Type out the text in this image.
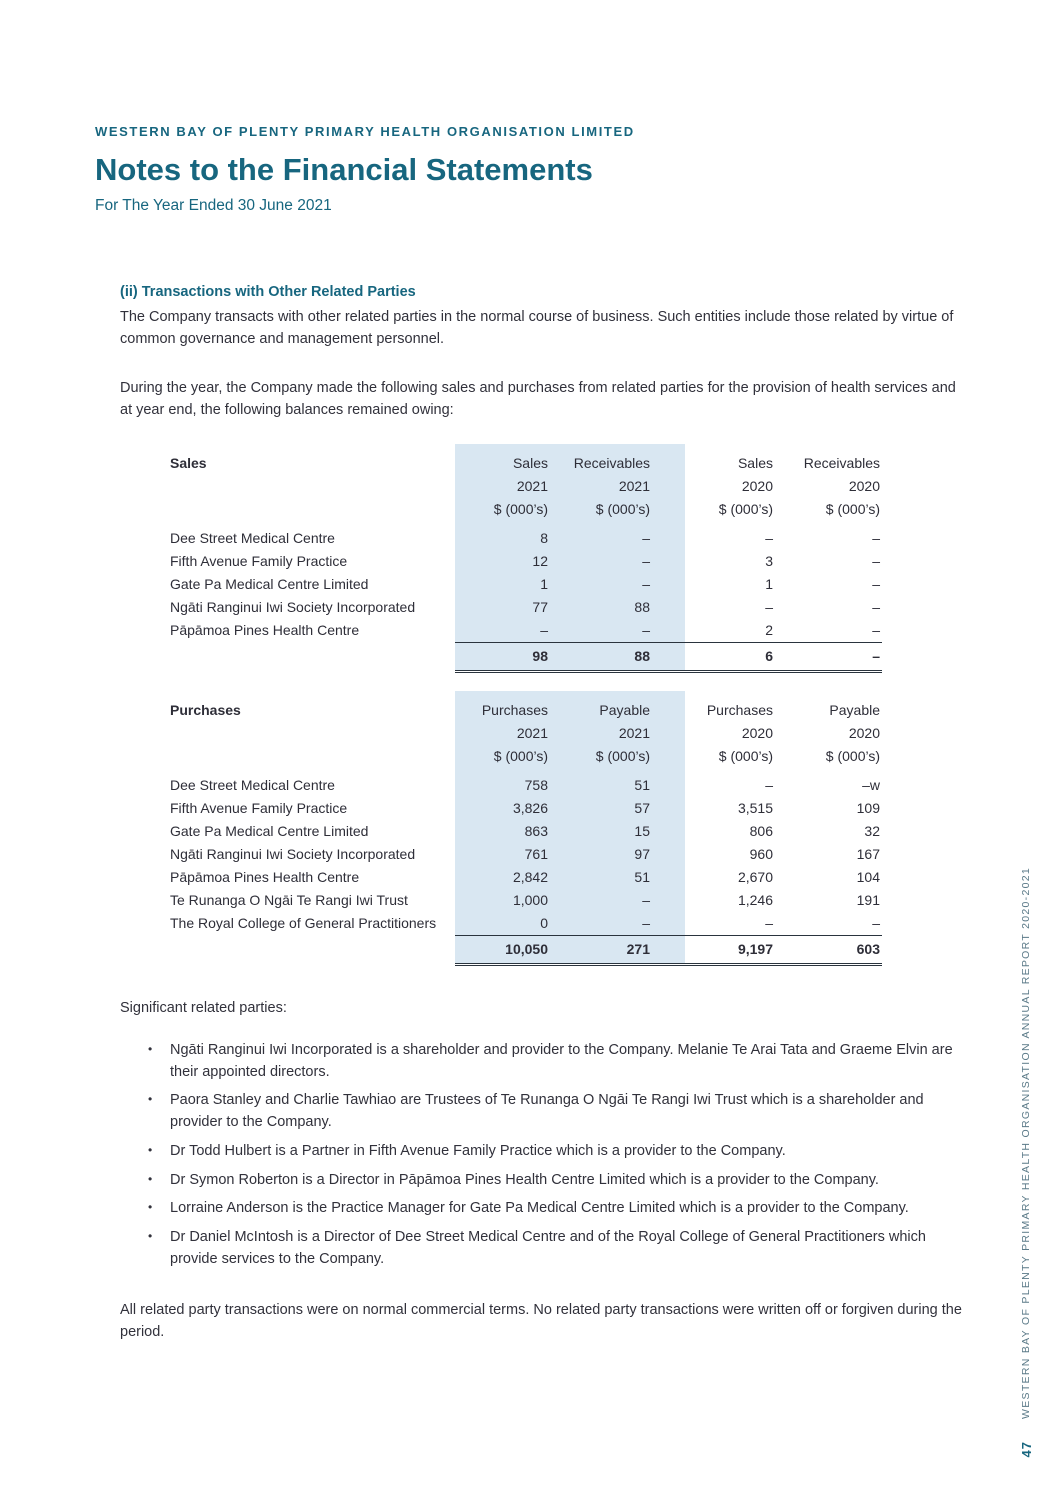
WESTERN BAY OF PLENTY PRIMARY HEALTH ORGANISATION LIMITED
Notes to the Financial Statements
For The Year Ended 30 June 2021
(ii) Transactions with Other Related Parties
The Company transacts with other related parties in the normal course of business. Such entities include those related by virtue of common governance and management personnel.
During the year, the Company made the following sales and purchases from related parties for the provision of health services and at year end, the following balances remained owing:
Sales	Sales	Receivables	Sales	Receivables
	2021	2021	2020	2020
	$ (000’s)	$ (000’s)	$ (000’s)	$ (000’s)
Dee Street Medical Centre	8	–	–	–
Fifth Avenue Family Practice	12	–	3	–
Gate Pa Medical Centre Limited	1	–	1	–
Ngāti Ranginui Iwi Society Incorporated	77	88	–	–
Pāpāmoa Pines Health Centre	–	–	2	–
	98	88	6	–
Purchases	Purchases	Payable	Purchases	Payable
	2021	2021	2020	2020
	$ (000’s)	$ (000’s)	$ (000’s)	$ (000’s)
Dee Street Medical Centre	758	51	–	–w
Fifth Avenue Family Practice	3,826	57	3,515	109
Gate Pa Medical Centre Limited	863	15	806	32
Ngāti Ranginui Iwi Society Incorporated	761	97	960	167
Pāpāmoa Pines Health Centre	2,842	51	2,670	104
Te Runanga O Ngāi Te Rangi Iwi Trust	1,000	–	1,246	191
The Royal College of General Practitioners	0	–	–	–
	10,050	271	9,197	603
Significant related parties:
• Ngāti Ranginui Iwi Incorporated is a shareholder and provider to the Company. Melanie Te Arai Tata and Graeme Elvin are their appointed directors.
• Paora Stanley and Charlie Tawhiao are Trustees of Te Runanga O Ngāi Te Rangi Iwi Trust which is a shareholder and provider to the Company.
• Dr Todd Hulbert is a Partner in Fifth Avenue Family Practice which is a provider to the Company.
• Dr Symon Roberton is a Director in Pāpāmoa Pines Health Centre Limited which is a provider to the Company.
• Lorraine Anderson is the Practice Manager for Gate Pa Medical Centre Limited which is a provider to the Company.
• Dr Daniel McIntosh is a Director of Dee Street Medical Centre and of the Royal College of General Practitioners which provide services to the Company.
All related party transactions were on normal commercial terms. No related party transactions were written off or forgiven during the period.	WESTERN BAY OF PLENTY PRIMARY HEALTH ORGANISATION ANNUAL REPORT 2020-2021
47
